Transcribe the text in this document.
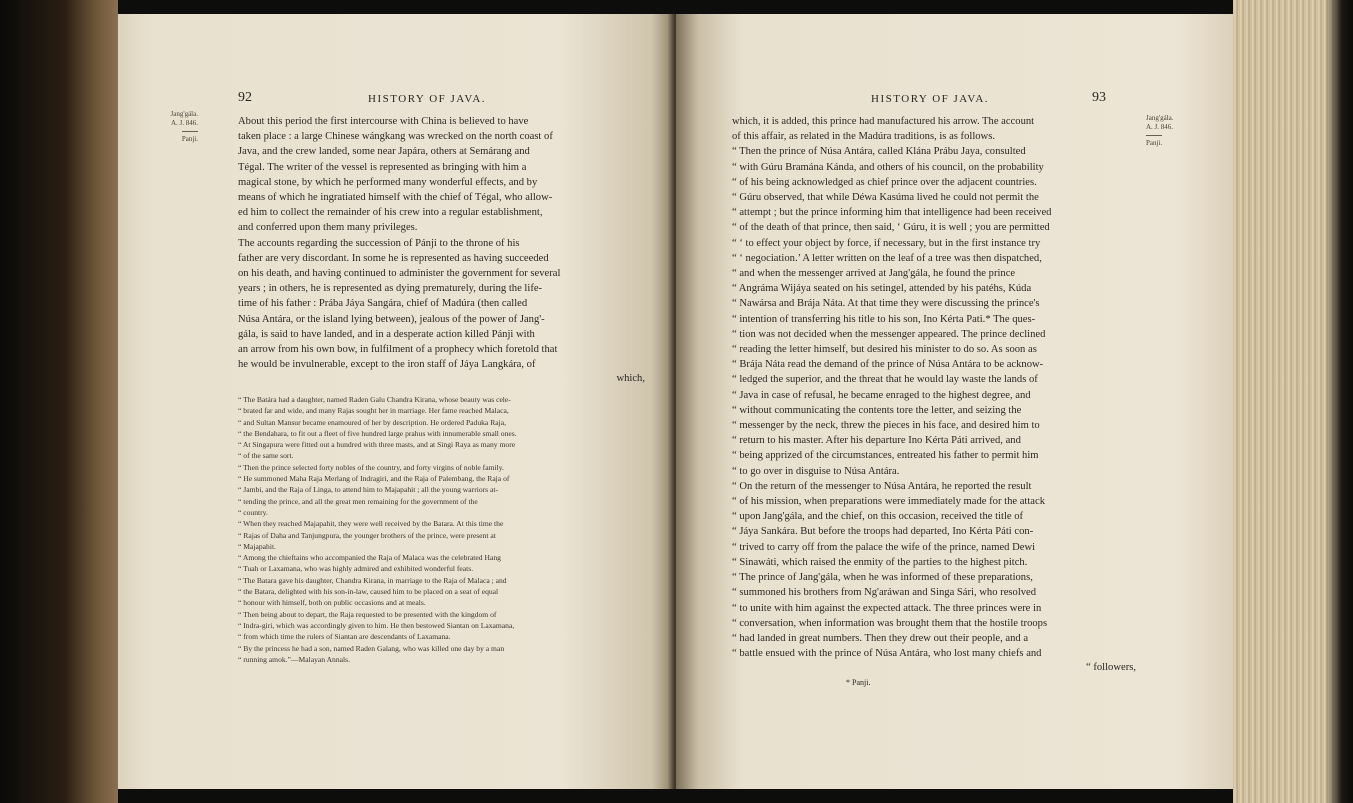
92	HISTORY OF JAVA.
Jang'gála.
A. J. 846.
Panji.
About this period the first intercourse with China is believed to have
taken place : a large Chinese wángkang was wrecked on the north coast of
Java, and the crew landed, some near Japára, others at Semárang and
Tégal. The writer of the vessel is represented as bringing with him a
magical stone, by which he performed many wonderful effects, and by
means of which he ingratiated himself with the chief of Tégal, who allow-
ed him to collect the remainder of his crew into a regular establishment,
and conferred upon them many privileges.
The accounts regarding the succession of Pánji to the throne of his
father are very discordant. In some he is represented as having succeeded
on his death, and having continued to administer the government for several
years ; in others, he is represented as dying prematurely, during the life-
time of his father : Prába Jáya Sangára, chief of Madúra (then called
Núsa Antára, or the island lying between), jealous of the power of Jang'-
gála, is said to have landed, and in a desperate action killed Pánji with
an arrow from his own bow, in fulfilment of a prophecy which foretold that
he would be invulnerable, except to the iron staff of Jáya Langkára, of
which,
“ The Batára had a daughter, named Raden Galu Chandra Kirana, whose beauty was cele-
“ brated far and wide, and many Rajas sought her in marriage. Her fame reached Malaca,
“ and Sultan Mansur became enamoured of her by description. He ordered Paduka Raja,
“ the Bendahara, to fit out a fleet of five hundred large prahus with innumerable small ones.
“ At Singapura were fitted out a hundred with three masts, and at Singi Raya as many more
“ of the same sort.
“ Then the prince selected forty nobles of the country, and forty virgins of noble family.
“ He summoned Maha Raja Merlang of Indragiri, and the Raja of Palembang, the Raja of
“ Jambi, and the Raja of Linga, to attend him to Majapahit ; all the young warriors at-
“ tending the prince, and all the great men remaining for the government of the
“ country.
“ When they reached Majapahit, they were well received by the Batara. At this time the
“ Rajas of Daha and Tanjungpura, the younger brothers of the prince, were present at
“ Majapahit.
“ Among the chieftains who accompanied the Raja of Malaca was the celebrated Hang
“ Tuah or Laxamana, who was highly admired and exhibited wonderful feats.
“ The Batara gave his daughter, Chandra Kirana, in marriage to the Raja of Malaca ; and
“ the Batara, delighted with his son-in-law, caused him to be placed on a seat of equal
“ honour with himself, both on public occasions and at meals.
“ Then being about to depart, the Raja requested to be presented with the kingdom of
“ Indra-giri, which was accordingly given to him. He then bestowed Siantan on Laxamana,
“ from which time the rulers of Siantan are descendants of Laxamana.
“ By the princess he had a son, named Raden Galang, who was killed one day by a man
“ running amok.”—Malayan Annals.
HISTORY OF JAVA.	93
which, it is added, this prince had manufactured his arrow. The account
of this affair, as related in the Madúra traditions, is as follows.
“ Then the prince of Núsa Antára, called Klána Prábu Jaya, consulted
“ with Gúru Bramána Kánda, and others of his council, on the probability
“ of his being acknowledged as chief prince over the adjacent countries.
“ Gúru observed, that while Déwa Kasúma lived he could not permit the
“ attempt ; but the prince informing him that intelligence had been received
“ of the death of that prince, then said, ‘ Gúru, it is well ; you are permitted
“ ‘ to effect your object by force, if necessary, but in the first instance try
“ ‘ negociation.’ A letter written on the leaf of a tree was then dispatched,
“ and when the messenger arrived at Jang'gála, he found the prince
“ Angráma Wijáya seated on his setingel, attended by his patéhs, Kúda
“ Nawársa and Brája Náta. At that time they were discussing the prince's
“ intention of transferring his title to his son, Ino Kérta Pati.* The ques-
“ tion was not decided when the messenger appeared. The prince declined
“ reading the letter himself, but desired his minister to do so. As soon as
“ Brája Náta read the demand of the prince of Núsa Antára to be acknow-
“ ledged the superior, and the threat that he would lay waste the lands of
“ Java in case of refusal, he became enraged to the highest degree, and
“ without communicating the contents tore the letter, and seizing the
“ messenger by the neck, threw the pieces in his face, and desired him to
“ return to his master. After his departure Ino Kérta Páti arrived, and
“ being apprized of the circumstances, entreated his father to permit him
“ to go over in disguise to Núsa Antára.
“ On the return of the messenger to Núsa Antára, he reported the result
“ of his mission, when preparations were immediately made for the attack
“ upon Jang'gála, and the chief, on this occasion, received the title of
“ Jáya Sankára. But before the troops had departed, Ino Kérta Páti con-
“ trived to carry off from the palace the wife of the prince, named Dewi
“ Sinawáti, which raised the enmity of the parties to the highest pitch.
“ The prince of Jang'gála, when he was informed of these preparations,
“ summoned his brothers from Ng'aráwan and Singa Sári, who resolved
“ to unite with him against the expected attack. The three princes were in
“ conversation, when information was brought them that the hostile troops
“ had landed in great numbers. Then they drew out their people, and a
“ battle ensued with the prince of Núsa Antára, who lost many chiefs and
“ followers,
* Panji.
Jang'gála.
A. J. 846.
Panji.
